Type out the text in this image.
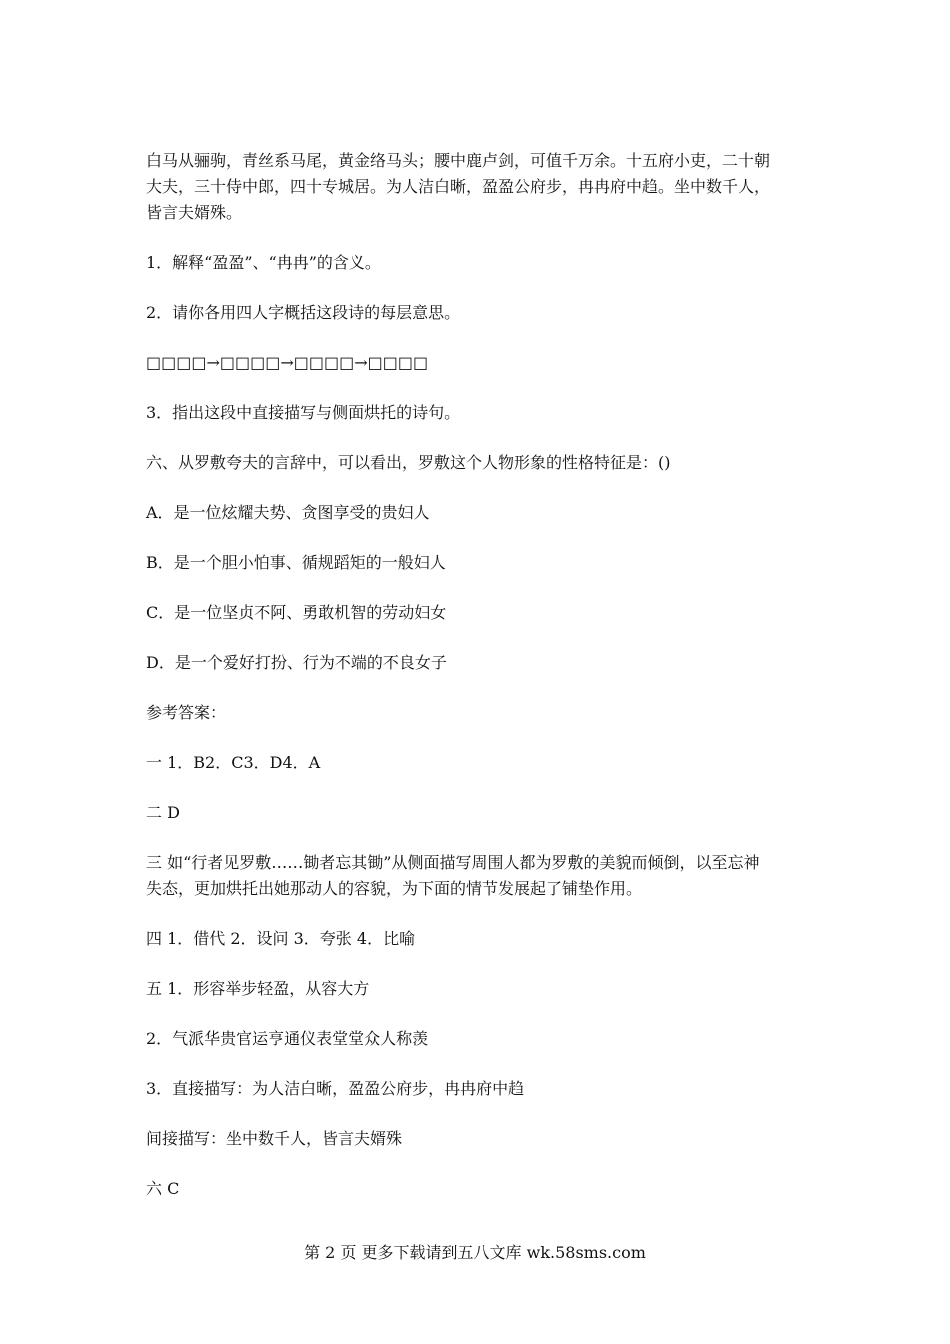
白马从骊驹，青丝系马尾，黄金络马头；腰中鹿卢剑，可值千万余。十五府小吏，二十朝
大夫，三十侍中郎，四十专城居。为人洁白晰，盈盈公府步，冉冉府中趋。坐中数千人，
皆言夫婿殊。
1．解释“盈盈”、“冉冉”的含义。
2．请你各用四人字概括这段诗的每层意思。
□□□□→□□□□→□□□□→□□□□
3．指出这段中直接描写与侧面烘托的诗句。
六、从罗敷夸夫的言辞中，可以看出，罗敷这个人物形象的性格特征是：()
A．是一位炫耀夫势、贪图享受的贵妇人
B．是一个胆小怕事、循规蹈矩的一般妇人
C．是一位坚贞不阿、勇敢机智的劳动妇女
D．是一个爱好打扮、行为不端的不良女子
参考答案：
一 1．B2．C3．D4．A
二 D
三 如“行者见罗敷……锄者忘其锄”从侧面描写周围人都为罗敷的美貌而倾倒，以至忘神
失态，更加烘托出她那动人的容貌，为下面的情节发展起了铺垫作用。
四 1．借代 2．设问 3．夸张 4．比喻
五 1．形容举步轻盈，从容大方
2．气派华贵官运亨通仪表堂堂众人称羡
3．直接描写：为人洁白晰，盈盈公府步，冉冉府中趋
间接描写：坐中数千人，皆言夫婿殊
六 C
第 2 页 更多下载请到五八文库 wk.58sms.com
